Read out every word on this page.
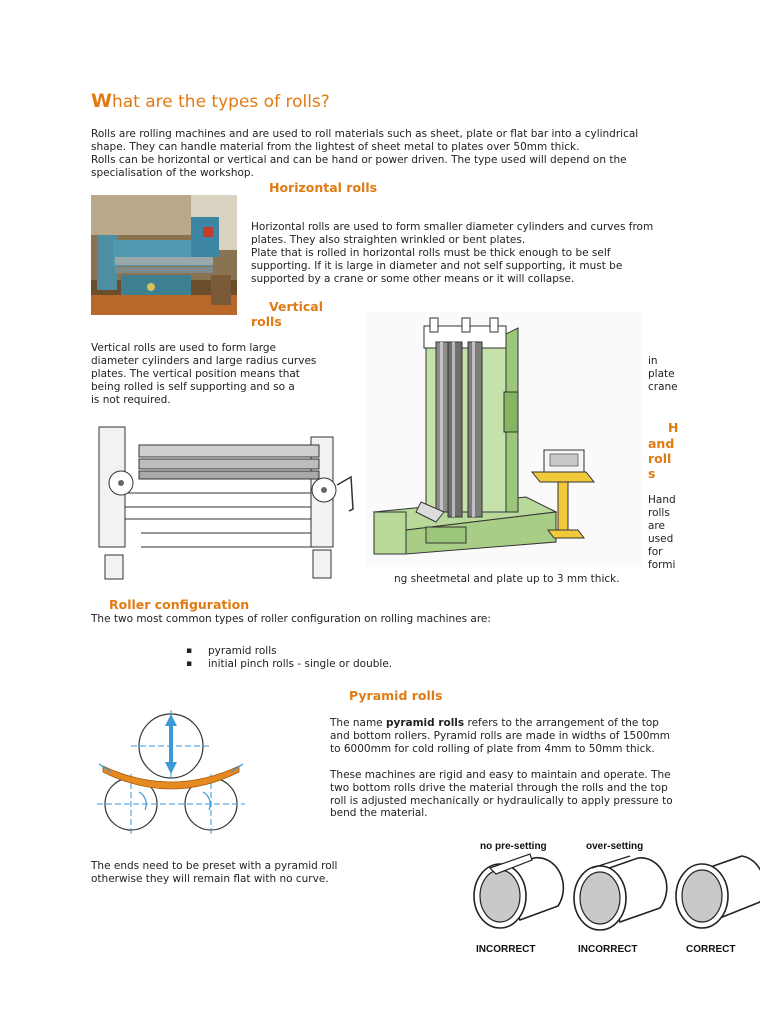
What are the types of rolls?
Rolls are rolling machines and are used to roll materials such as sheet, plate or flat bar into a cylindrical shape. They can handle material from the lightest of sheet metal to plates over 50mm thick.
Rolls can be horizontal or vertical and can be hand or power driven. The type used will depend on the specialisation of the workshop.
Horizontal rolls
Horizontal rolls are used to form smaller diameter cylinders and curves from plates. They also straighten wrinkled or bent plates.
Plate that is rolled in horizontal rolls must be thick enough to be self supporting. If it is large in diameter and not self supporting, it must be supported by a crane or some other means or it will collapse.
Vertical
rolls
Vertical rolls are used to form large
diameter cylinders and large radius curves
plates. The vertical position means that
being rolled is self supporting and so a
is not required.
in
plate
crane
H
and
roll
s
Hand
rolls
are
used
for
formi
ng sheetmetal and plate up to 3 mm thick.
Roller configuration
The two most common types of roller configuration on rolling machines are:
▪ pyramid rolls
▪ initial pinch rolls - single or double.
Pyramid rolls
The name pyramid rolls refers to the arrangement of the top and bottom rollers. Pyramid rolls are made in widths of 1500mm to 6000mm for cold rolling of plate from 4mm to 50mm thick.
These machines are rigid and easy to maintain and operate. The two bottom rolls drive the material through the rolls and the top roll is adjusted mechanically or hydraulically to apply pressure to bend the material.
The ends need to be preset with a pyramid roll otherwise they will remain flat with no curve.
no pre-setting	over-setting
INCORRECT	INCORRECT	CORRECT
